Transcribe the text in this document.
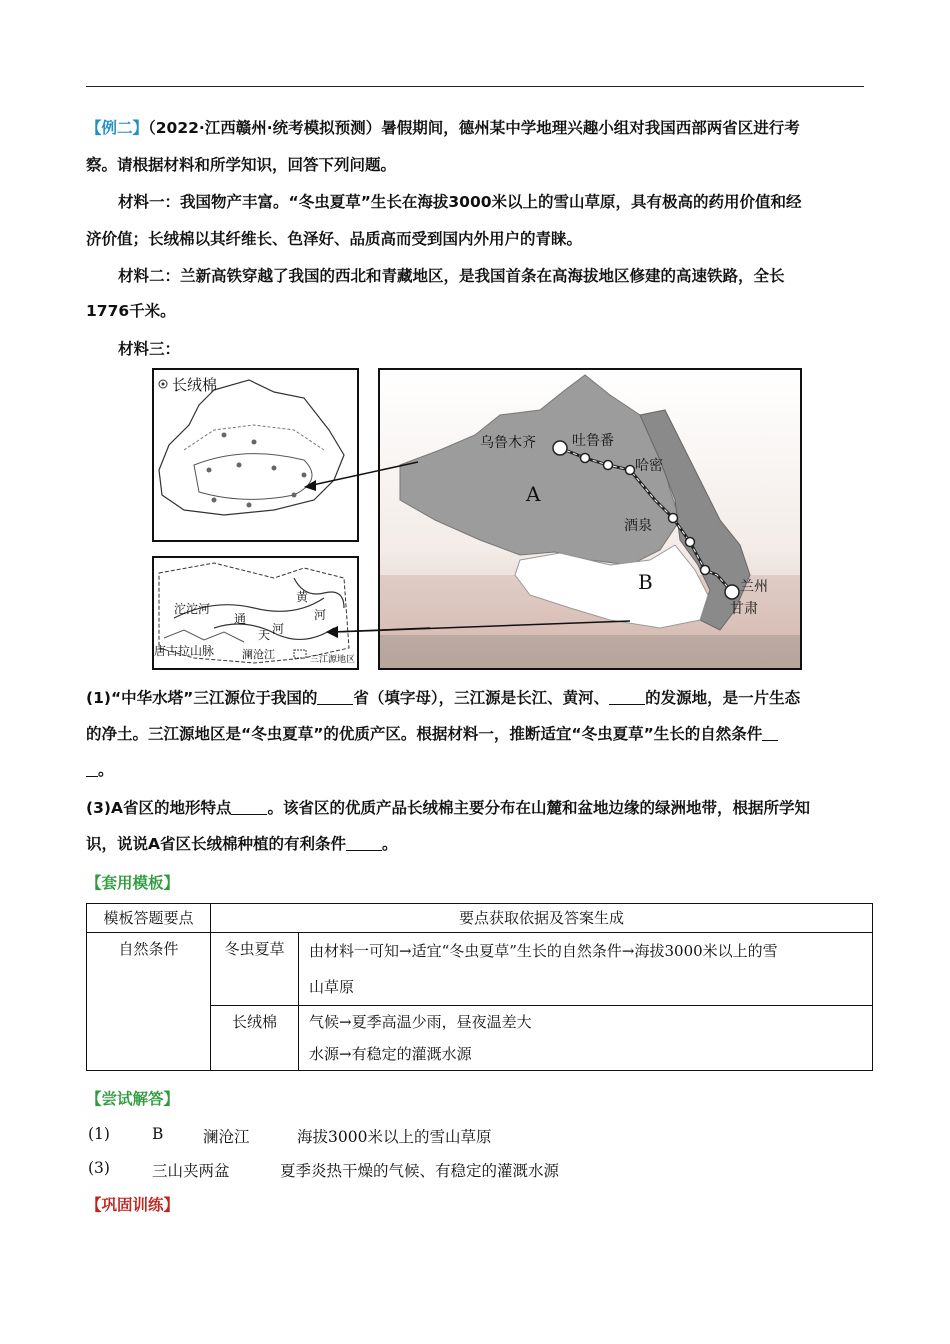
【例二】（2022·江西赣州·统考模拟预测）暑假期间，德州某中学地理兴趣小组对我国西部两省区进行考
察。请根据材料和所学知识，回答下列问题。
材料一：我国物产丰富。“冬虫夏草”生长在海拔3000米以上的雪山草原，具有极高的药用价值和经
济价值；长绒棉以其纤维长、色泽好、品质高而受到国内外用户的青睐。
材料二：兰新高铁穿越了我国的西北和青藏地区，是我国首条在高海拔地区修建的高速铁路，全长
1776千米。
材料三：
长绒棉
沱沱河
唐古拉山脉
黄
河
通
天 河
澜沧江	三江源地区
乌鲁木齐	吐鲁番
哈密
酒泉
兰州
甘肃
A
B
(1)“中华水塔”三江源位于我国的 省（填字母），三江源是长江、黄河、 的发源地，是一片生态
的净土。三江源地区是“冬虫夏草”的优质产区。根据材料一，推断适宜“冬虫夏草”生长的自然条件
。
(3)A省区的地形特点 。该省区的优质产品长绒棉主要分布在山麓和盆地边缘的绿洲地带，根据所学知
识，说说A省区长绒棉种植的有利条件 。
【套用模板】
模板答题要点	要点获取依据及答案生成	

自然条件	冬虫夏草	由材料一可知→适宜“冬虫夏草”生长的自然条件→海拔3000米以上的雪
山草原

	长绒棉	气候→夏季高温少雨，昼夜温差大
水源→有稳定的灌溉水源
【尝试解答】
(1)	B	澜沧江	海拔3000米以上的雪山草原
(3)	三山夹两盆	夏季炎热干燥的气候、有稳定的灌溉水源
【巩固训练】
